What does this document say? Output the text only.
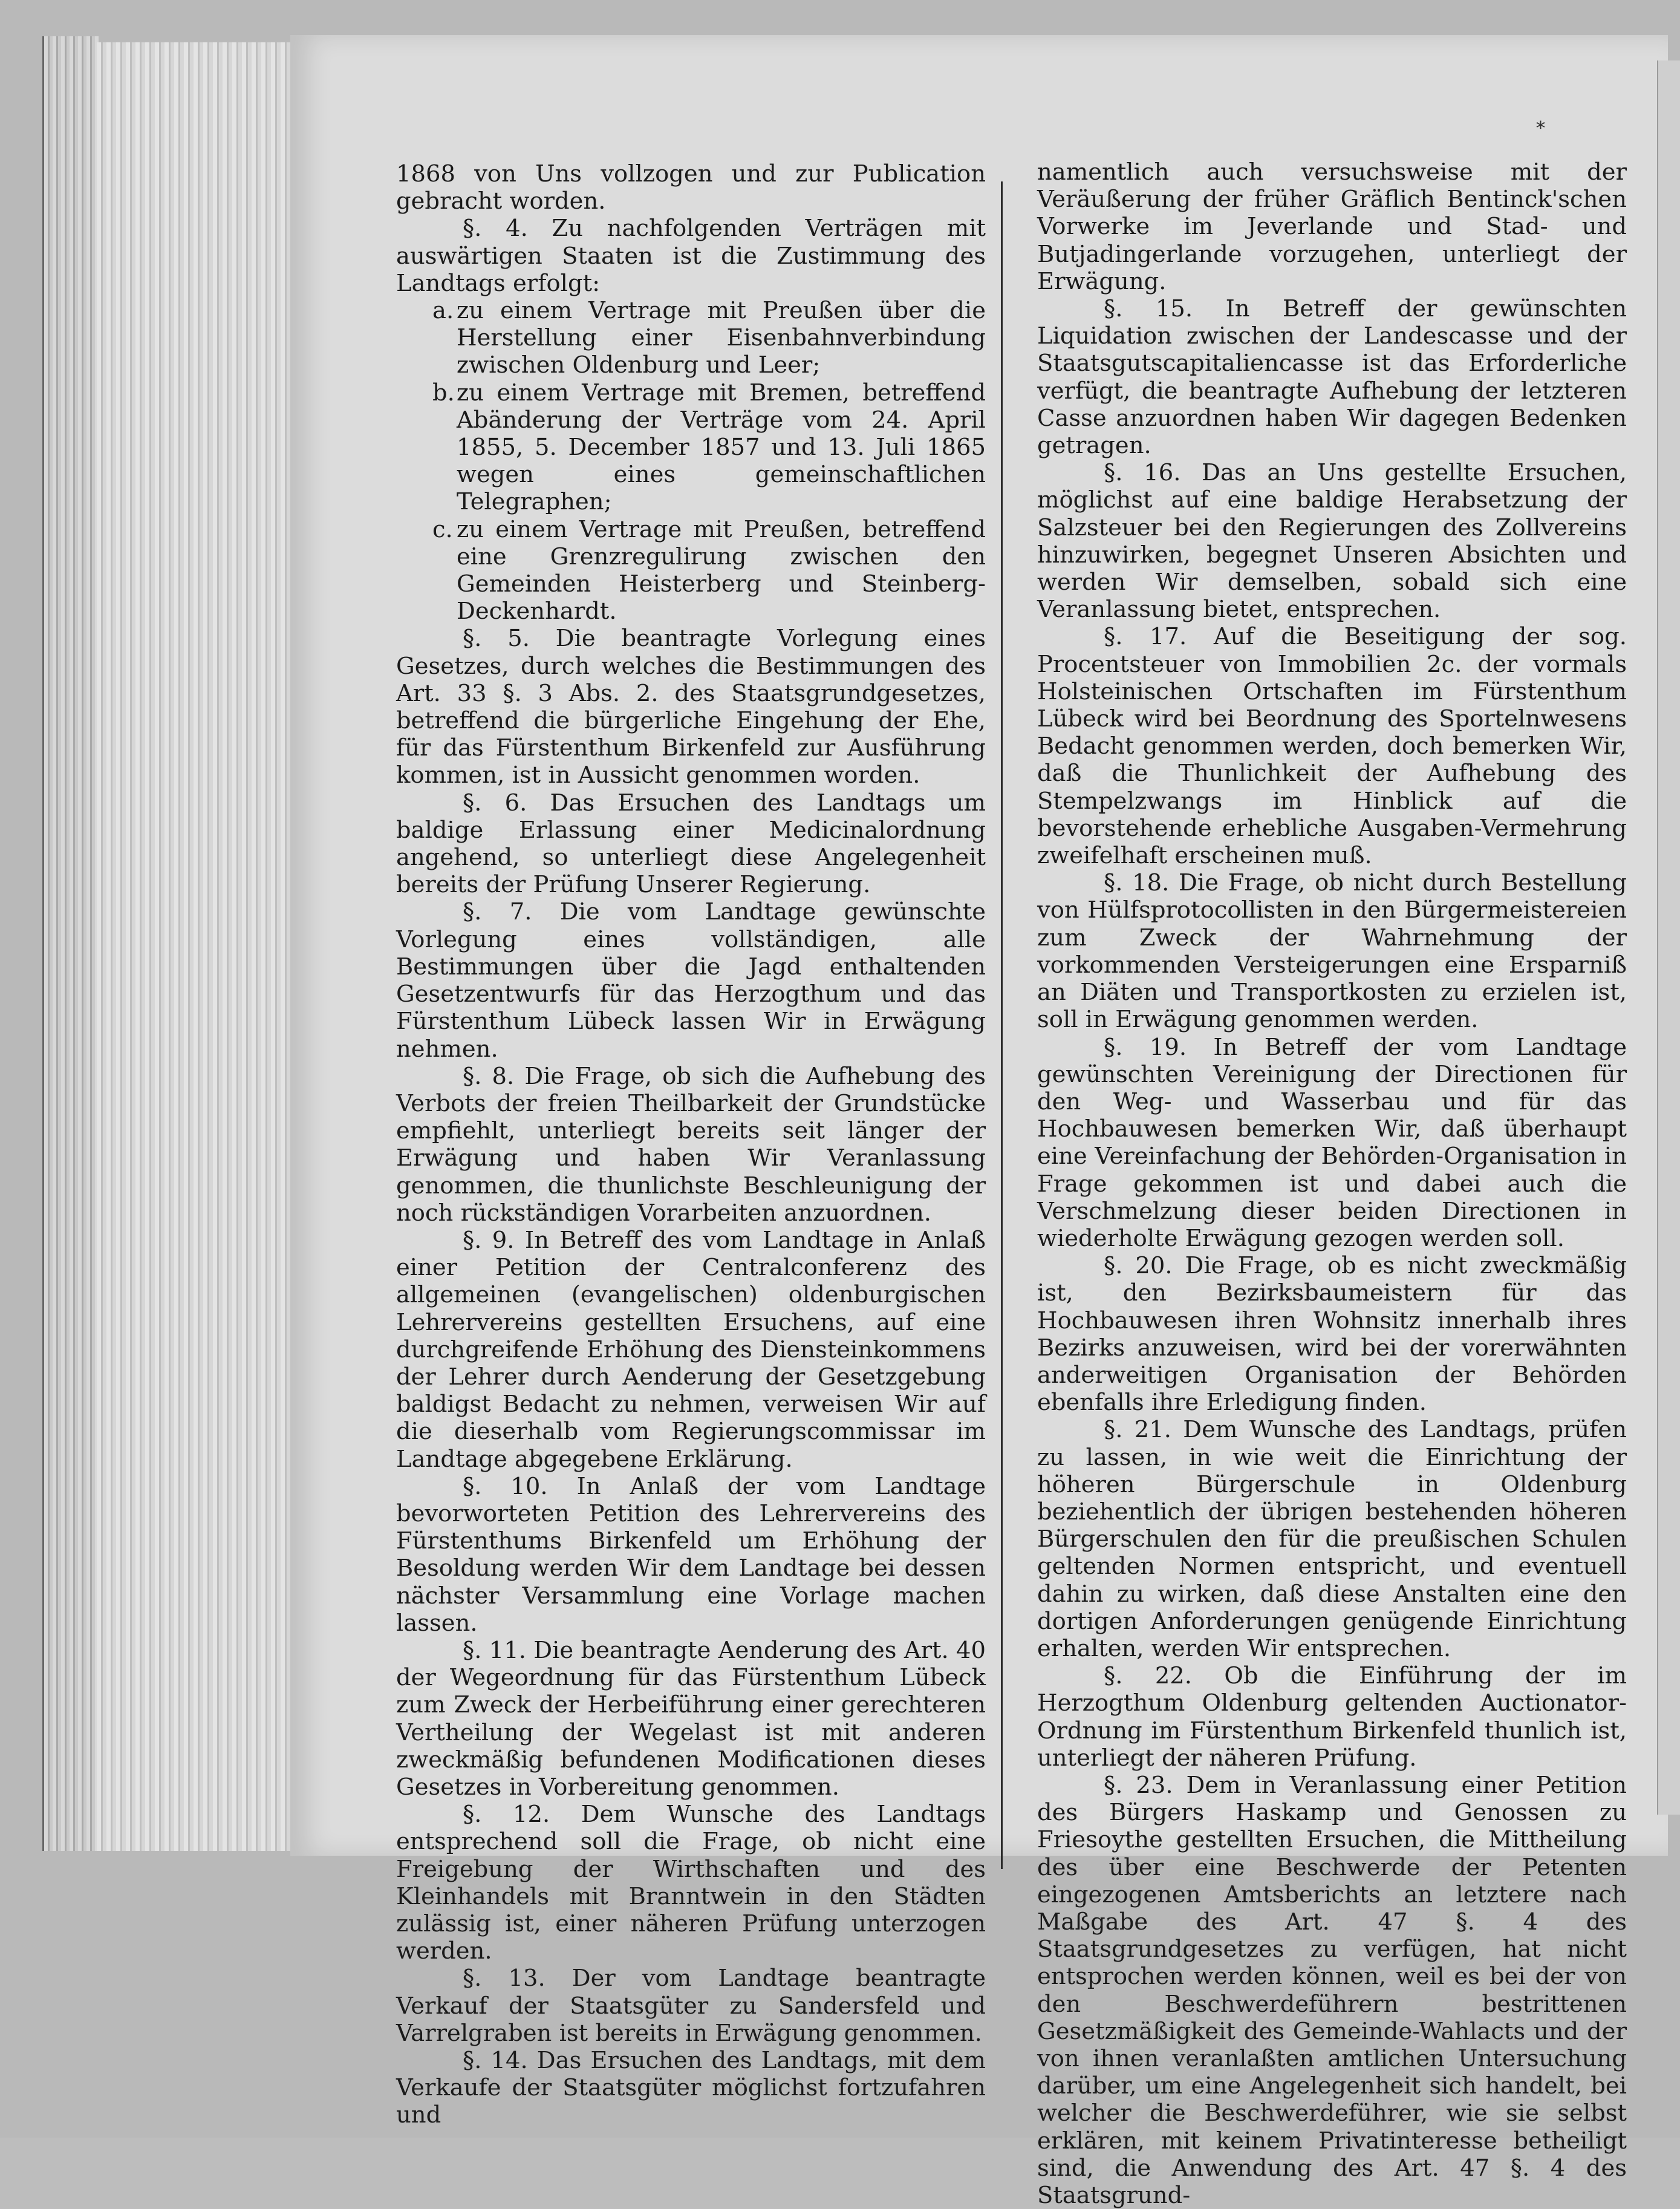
*

1868 von Uns vollzogen und zur Publication gebracht worden.

§. 4. Zu nachfolgenden Verträgen mit auswärtigen Staaten ist die Zustimmung des Landtags erfolgt:

a. zu einem Vertrage mit Preußen über die Herstellung einer Eisenbahnverbindung zwischen Oldenburg und Leer;

b.zu einem Vertrage mit Bremen, betreffend Abänderung der Verträge vom 24. April 1855, 5. December 1857 und 13. Juli 1865 wegen eines gemeinschaftlichen Telegraphen;

c. zu einem Vertrage mit Preußen, betreffend eine Grenzregulirung zwischen den Gemeinden Heisterberg und Steinberg-Deckenhardt.

§. 5. Die beantragte Vorlegung eines Gesetzes, durch welches die Bestimmungen des Art. 33 §. 3 Abs. 2. des Staatsgrundgesetzes, betreffend die bürgerliche Eingehung der Ehe, für das Fürstenthum Birkenfeld zur Ausführung kommen, ist in Aussicht genommen worden.

§. 6. Das Ersuchen des Landtags um baldige Erlassung einer Medicinalordnung angehend, so unterliegt diese Angelegenheit bereits der Prüfung Unserer Regierung.

§. 7. Die vom Landtage gewünschte Vorlegung eines vollständigen, alle Bestimmungen über die Jagd enthaltenden Gesetzentwurfs für das Herzogthum und das Fürstenthum Lübeck lassen Wir in Erwägung nehmen.

§. 8. Die Frage, ob sich die Aufhebung des Verbots der freien Theilbarkeit der Grundstücke empfiehlt, unterliegt bereits seit länger der Erwägung und haben Wir Veranlassung genommen, die thunlichste Beschleunigung der noch rückständigen Vorarbeiten anzuordnen.

§. 9. In Betreff des vom Landtage in Anlaß einer Petition der Centralconferenz des allgemeinen (evangelischen) oldenburgischen Lehrervereins gestellten Ersuchens, auf eine durchgreifende Erhöhung des Diensteinkommens der Lehrer durch Aenderung der Gesetzgebung baldigst Bedacht zu nehmen, verweisen Wir auf die dieserhalb vom Regierungscommissar im Landtage abgegebene Erklärung.

§. 10. In Anlaß der vom Landtage bevorworteten Petition des Lehrervereins des Fürstenthums Birkenfeld um Erhöhung der Besoldung werden Wir dem Landtage bei dessen nächster Versammlung eine Vorlage machen lassen.

§. 11. Die beantragte Aenderung des Art. 40 der Wegeordnung für das Fürstenthum Lübeck zum Zweck der Herbeiführung einer gerechteren Vertheilung der Wegelast ist mit anderen zweckmäßig befundenen Modificationen dieses Gesetzes in Vorbereitung genommen.

§. 12. Dem Wunsche des Landtags entsprechend soll die Frage, ob nicht eine Freigebung der Wirthschaften und des Kleinhandels mit Branntwein in den Städten zulässig ist, einer näheren Prüfung unterzogen werden.

§. 13. Der vom Landtage beantragte Verkauf der Staatsgüter zu Sandersfeld und Varrelgraben ist bereits in Erwägung genommen.

§. 14. Das Ersuchen des Landtags, mit dem Verkaufe der Staatsgüter möglichst fortzufahren und

namentlich auch versuchsweise mit der Veräußerung der früher Gräflich Bentinck'schen Vorwerke im Jeverlande und Stad- und Butjadingerlande vorzugehen, unterliegt der Erwägung.

§. 15. In Betreff der gewünschten Liquidation zwischen der Landescasse und der Staatsgutscapitaliencasse ist das Erforderliche verfügt, die beantragte Aufhebung der letzteren Casse anzuordnen haben Wir dagegen Bedenken getragen.

§. 16. Das an Uns gestellte Ersuchen, möglichst auf eine baldige Herabsetzung der Salzsteuer bei den Regierungen des Zollvereins hinzuwirken, begegnet Unseren Absichten und werden Wir demselben, sobald sich eine Veranlassung bietet, entsprechen.

§. 17. Auf die Beseitigung der sog. Procentsteuer von Immobilien 2c. der vormals Holsteinischen Ortschaften im Fürstenthum Lübeck wird bei Beordnung des Sportelnwesens Bedacht genommen werden, doch bemerken Wir, daß die Thunlichkeit der Aufhebung des Stempelzwangs im Hinblick auf die bevorstehende erhebliche Ausgaben-Vermehrung zweifelhaft erscheinen muß.

§. 18. Die Frage, ob nicht durch Bestellung von Hülfsprotocollisten in den Bürgermeistereien zum Zweck der Wahrnehmung der vorkommenden Versteigerungen eine Ersparniß an Diäten und Transportkosten zu erzielen ist, soll in Erwägung genommen werden.

§. 19. In Betreff der vom Landtage gewünschten Vereinigung der Directionen für den Weg- und Wasserbau und für das Hochbauwesen bemerken Wir, daß überhaupt eine Vereinfachung der Behörden-Organisation in Frage gekommen ist und dabei auch die Verschmelzung dieser beiden Directionen in wiederholte Erwägung gezogen werden soll.

§. 20. Die Frage, ob es nicht zweckmäßig ist, den Bezirksbaumeistern für das Hochbauwesen ihren Wohnsitz innerhalb ihres Bezirks anzuweisen, wird bei der vorerwähnten anderweitigen Organisation der Behörden ebenfalls ihre Erledigung finden.

§. 21. Dem Wunsche des Landtags, prüfen zu lassen, in wie weit die Einrichtung der höheren Bürgerschule in Oldenburg beziehentlich der übrigen bestehenden höheren Bürgerschulen den für die preußischen Schulen geltenden Normen entspricht, und eventuell dahin zu wirken, daß diese Anstalten eine den dortigen Anforderungen genügende Einrichtung erhalten, werden Wir entsprechen.

§. 22. Ob die Einführung der im Herzogthum Oldenburg geltenden Auctionator-Ordnung im Fürstenthum Birkenfeld thunlich ist, unterliegt der näheren Prüfung.

§. 23. Dem in Veranlassung einer Petition des Bürgers Haskamp und Genossen zu Friesoythe gestellten Ersuchen, die Mittheilung des über eine Beschwerde der Petenten eingezogenen Amtsberichts an letztere nach Maßgabe des Art. 47 §. 4 des Staatsgrundgesetzes zu verfügen, hat nicht entsprochen werden können, weil es bei der von den Beschwerdeführern bestrittenen Gesetzmäßigkeit des Gemeinde-Wahlacts und der von ihnen veranlaßten amtlichen Untersuchung darüber, um eine Angelegenheit sich handelt, bei welcher die Beschwerdeführer, wie sie selbst erklären, mit keinem Privatinteresse betheiligt sind, die Anwendung des Art. 47 §. 4 des Staatsgrund-
